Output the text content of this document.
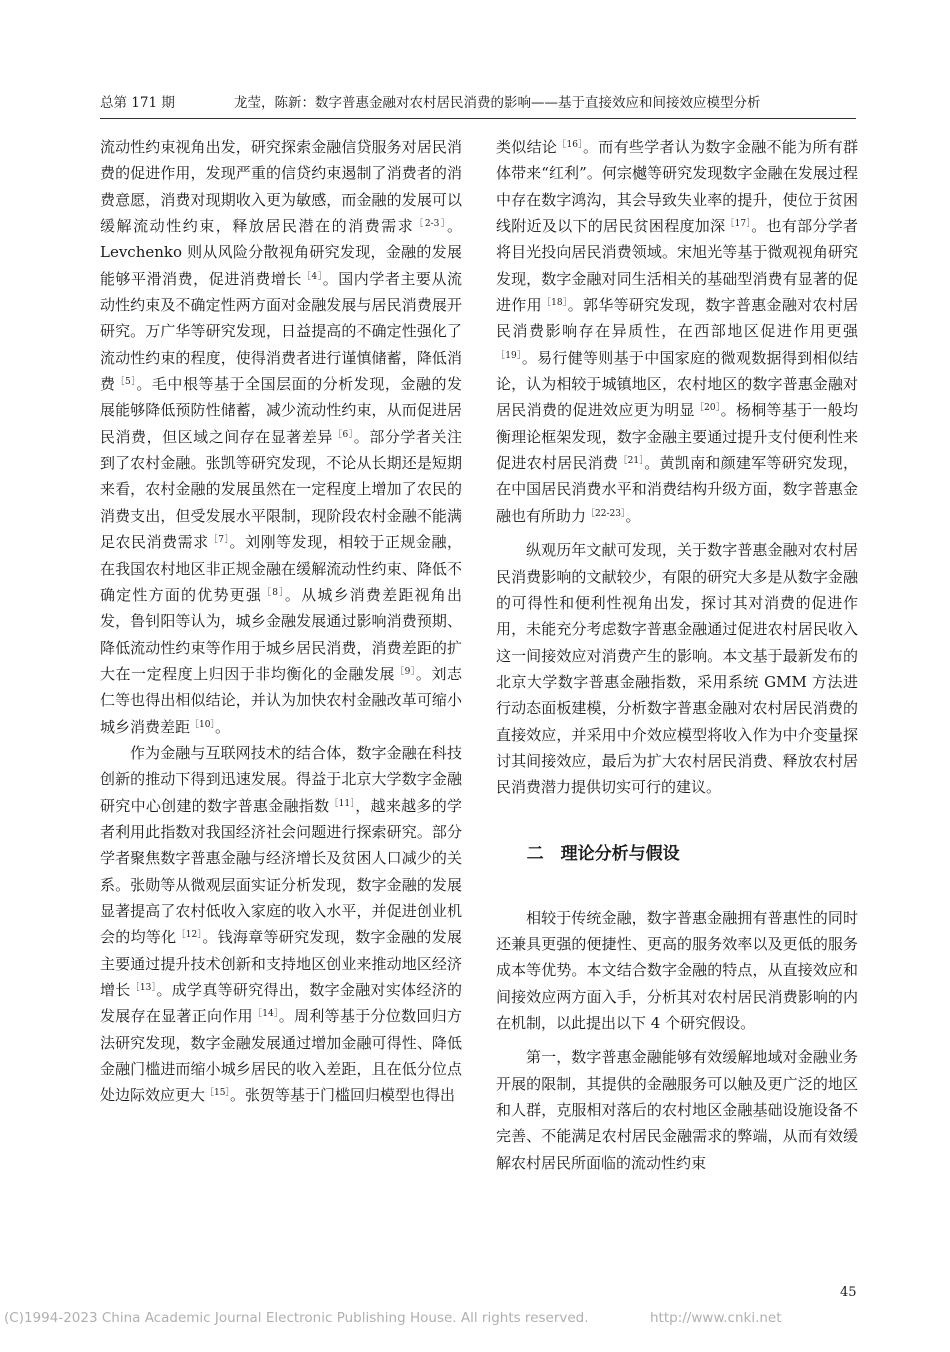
总第 171 期	龙莹，陈新：数字普惠金融对农村居民消费的影响——基于直接效应和间接效应模型分析

流动性约束视角出发，研究探索金融信贷服务对居民消费的促进作用，发现严重的信贷约束遏制了消费者的消费意愿，消费对现期收入更为敏感，而金融的发展可以缓解流动性约束，释放居民潜在的消费需求$^{[2-3]}$。Levchenko 则从风险分散视角研究发现，金融的发展能够平滑消费，促进消费增长$^{[4]}$。国内学者主要从流动性约束及不确定性两方面对金融发展与居民消费展开研究。万广华等研究发现，日益提高的不确定性强化了流动性约束的程度，使得消费者进行谨慎储蓄，降低消费$^{[5]}$。毛中根等基于全国层面的分析发现，金融的发展能够降低预防性储蓄，减少流动性约束，从而促进居民消费，但区域之间存在显著差异$^{[6]}$。部分学者关注到了农村金融。张凯等研究发现，不论从长期还是短期来看，农村金融的发展虽然在一定程度上增加了农民的消费支出，但受发展水平限制，现阶段农村金融不能满足农民消费需求$^{[7]}$。刘刚等发现，相较于正规金融，在我国农村地区非正规金融在缓解流动性约束、降低不确定性方面的优势更强$^{[8]}$。从城乡消费差距视角出发，鲁钊阳等认为，城乡金融发展通过影响消费预期、降低流动性约束等作用于城乡居民消费，消费差距的扩大在一定程度上归因于非均衡化的金融发展$^{[9]}$。刘志仁等也得出相似结论，并认为加快农村金融改革可缩小城乡消费差距$^{[10]}$。

作为金融与互联网技术的结合体，数字金融在科技创新的推动下得到迅速发展。得益于北京大学数字金融研究中心创建的数字普惠金融指数$^{[11]}$，越来越多的学者利用此指数对我国经济社会问题进行探索研究。部分学者聚焦数字普惠金融与经济增长及贫困人口减少的关系。张勋等从微观层面实证分析发现，数字金融的发展显著提高了农村低收入家庭的收入水平，并促进创业机会的均等化$^{[12]}$。钱海章等研究发现，数字金融的发展主要通过提升技术创新和支持地区创业来推动地区经济增长$^{[13]}$。成学真等研究得出，数字金融对实体经济的发展存在显著正向作用$^{[14]}$。周利等基于分位数回归方法研究发现，数字金融发展通过增加金融可得性、降低金融门槛进而缩小城乡居民的收入差距，且在低分位点处边际效应更大$^{[15]}$。张贺等基于门槛回归模型也得出

类似结论$^{[16]}$。而有些学者认为数字金融不能为所有群体带来“红利”。何宗樾等研究发现数字金融在发展过程中存在数字鸿沟，其会导致失业率的提升，使位于贫困线附近及以下的居民贫困程度加深$^{[17]}$。也有部分学者将目光投向居民消费领域。宋旭光等基于微观视角研究发现，数字金融对同生活相关的基础型消费有显著的促进作用$^{[18]}$。郭华等研究发现，数字普惠金融对农村居民消费影响存在异质性，在西部地区促进作用更强$^{[19]}$。易行健等则基于中国家庭的微观数据得到相似结论，认为相较于城镇地区，农村地区的数字普惠金融对居民消费的促进效应更为明显$^{[20]}$。杨桐等基于一般均衡理论框架发现，数字金融主要通过提升支付便利性来促进农村居民消费$^{[21]}$。黄凯南和颜建军等研究发现，在中国居民消费水平和消费结构升级方面，数字普惠金融也有所助力$^{[22-23]}$。

纵观历年文献可发现，关于数字普惠金融对农村居民消费影响的文献较少，有限的研究大多是从数字金融的可得性和便利性视角出发，探讨其对消费的促进作用，未能充分考虑数字普惠金融通过促进农村居民收入这一间接效应对消费产生的影响。本文基于最新发布的北京大学数字普惠金融指数，采用系统 GMM 方法进行动态面板建模，分析数字普惠金融对农村居民消费的直接效应，并采用中介效应模型将收入作为中介变量探讨其间接效应，最后为扩大农村居民消费、释放农村居民消费潜力提供切实可行的建议。

二　理论分析与假设

相较于传统金融，数字普惠金融拥有普惠性的同时还兼具更强的便捷性、更高的服务效率以及更低的服务成本等优势。本文结合数字金融的特点，从直接效应和间接效应两方面入手，分析其对农村居民消费影响的内在机制，以此提出以下 4 个研究假设。

第一，数字普惠金融能够有效缓解地域对金融业务开展的限制，其提供的金融服务可以触及更广泛的地区和人群，克服相对落后的农村地区金融基础设施设备不完善、不能满足农村居民金融需求的弊端，从而有效缓解农村居民所面临的流动性约束

45
(C)1994-2023 China Academic Journal Electronic Publishing House. All rights reserved.	http://www.cnki.net
